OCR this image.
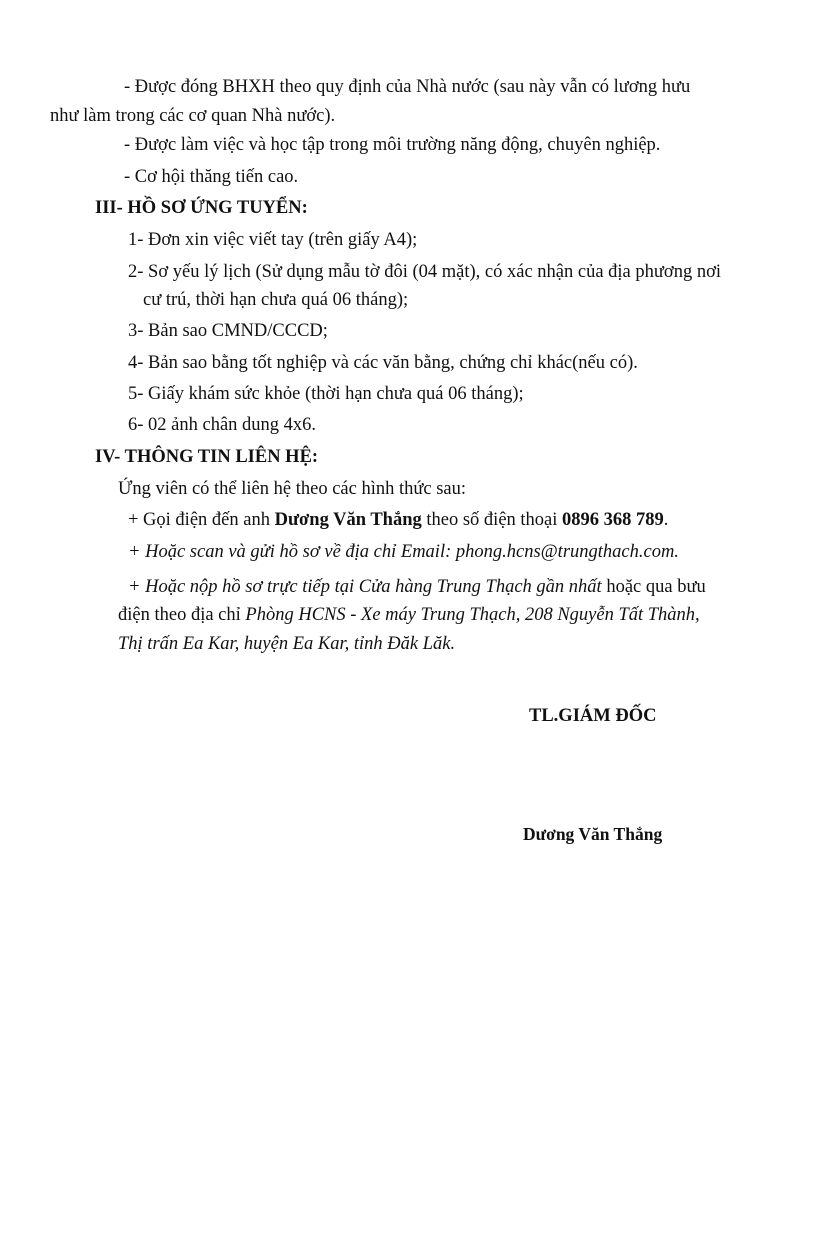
- Được đóng BHXH theo quy định của Nhà nước (sau này vẫn có lương hưu
như làm trong các cơ quan Nhà nước).
- Được làm việc và học tập trong môi trường năng động, chuyên nghiệp.
- Cơ hội thăng tiến cao.
III- HỒ SƠ ỨNG TUYỂN:
1- Đơn xin việc viết tay (trên giấy A4);
2- Sơ yếu lý lịch (Sử dụng mẫu tờ đôi (04 mặt), có xác nhận của địa phương nơi
cư trú, thời hạn chưa quá 06 tháng);
3- Bản sao CMND/CCCD;
4- Bản sao bằng tốt nghiệp và các văn bằng, chứng chỉ khác(nếu có).
5- Giấy khám sức khỏe (thời hạn chưa quá 06 tháng);
6- 02 ảnh chân dung 4x6.
IV- THÔNG TIN LIÊN HỆ:
Ứng viên có thể liên hệ theo các hình thức sau:
+ Gọi điện đến anh Dương Văn Thắng theo số điện thoại 0896 368 789.
+ Hoặc scan và gửi hồ sơ về địa chỉ Email: phong.hcns@trungthach.com.
+ Hoặc nộp hồ sơ trực tiếp tại Cửa hàng Trung Thạch gần nhất hoặc qua bưu
điện theo địa chỉ Phòng HCNS - Xe máy Trung Thạch, 208 Nguyễn Tất Thành,
Thị trấn Ea Kar, huyện Ea Kar, tỉnh Đăk Lăk.
TL.GIÁM ĐỐC
Dương Văn Thắng
